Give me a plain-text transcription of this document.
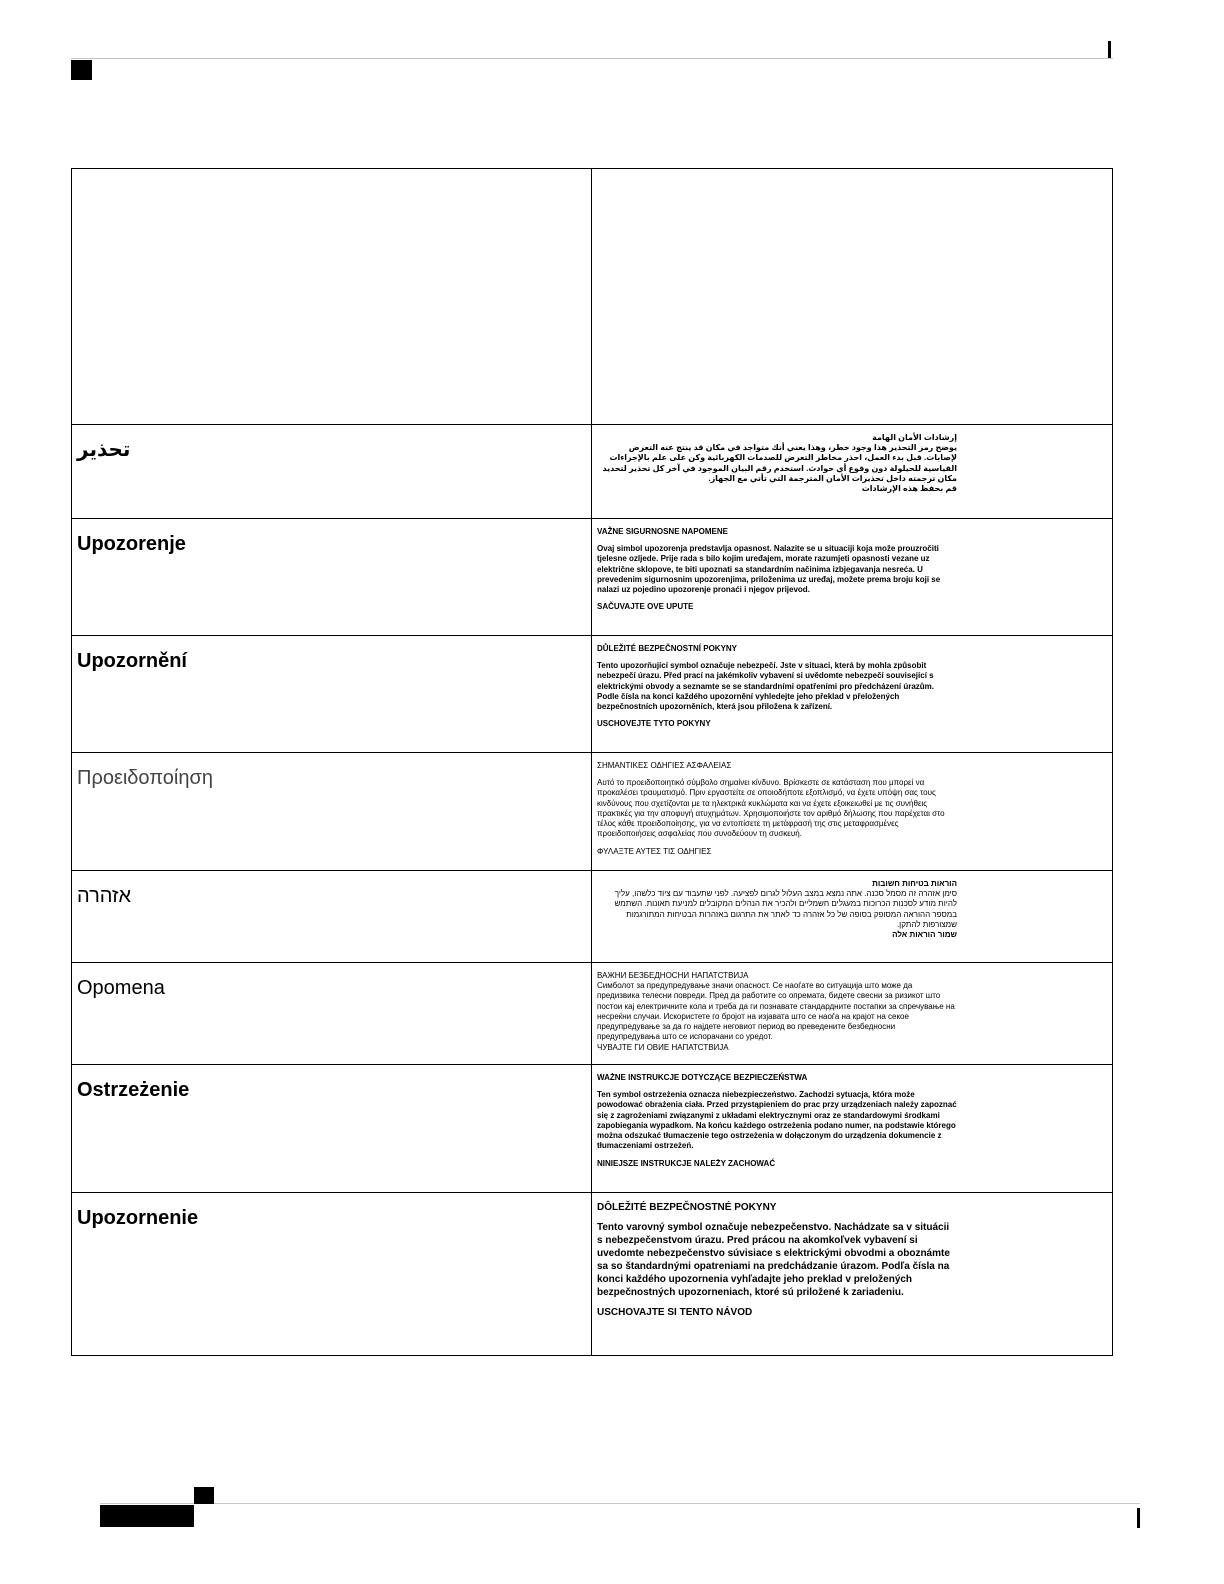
تحذير	إرشادات الأمان الهامة

يوضح رمز التحذير هذا وجود خطر، وهذا يعني أنك متواجد في مكان قد ينتج عنه التعرض لإصابات. قبل بدء العمل، احذر مخاطر التعرض للصدمات الكهربائية وكن على علم بالإجراءات القياسية للحيلولة دون وقوع أي حوادث. استخدم رقم البيان الموجود في آخر كل تحذير لتحديد مكان ترجمته داخل تحذيرات الأمان المترجمة التي تأتي مع الجهاز.

قم بحفظ هذه الإرشادات

Upozorenje	VAŽNE SIGURNOSNE NAPOMENE

Ovaj simbol upozorenja predstavlja opasnost. Nalazite se u situaciji koja može prouzročiti tjelesne ozljede. Prije rada s bilo kojim uređajem, morate razumjeti opasnosti vezane uz električne sklopove, te biti upoznati sa standardnim načinima izbjegavanja nesreća. U prevedenim sigurnosnim upozorenjima, priloženima uz uređaj, možete prema broju koji se nalazi uz pojedino upozorenje pronaći i njegov prijevod.

SAČUVAJTE OVE UPUTE

Upozornění	DŮLEŽITÉ BEZPEČNOSTNÍ POKYNY

Tento upozorňující symbol označuje nebezpečí. Jste v situaci, která by mohla způsobit nebezpečí úrazu. Před prací na jakémkoliv vybavení si uvědomte nebezpečí související s elektrickými obvody a seznamte se se standardními opatřeními pro předcházení úrazům. Podle čísla na konci každého upozornění vyhledejte jeho překlad v přeložených bezpečnostních upozorněních, která jsou přiložena k zařízení.

USCHOVEJTE TYTO POKYNY

Προειδοποίηση	ΣΗΜΑΝΤΙΚΕΣ ΟΔΗΓΙΕΣ ΑΣΦΑΛΕΙΑΣ

Αυτό το προειδοποιητικό σύμβολο σημαίνει κίνδυνο. Βρίσκεστε σε κατάσταση που μπορεί να προκαλέσει τραυματισμό. Πριν εργαστείτε σε οποιοδήποτε εξοπλισμό, να έχετε υπόψη σας τους κινδύνους που σχετίζονται με τα ηλεκτρικά κυκλώματα και να έχετε εξοικειωθεί με τις συνήθεις πρακτικές για την αποφυγή ατυχημάτων. Χρησιμοποιήστε τον αριθμό δήλωσης που παρέχεται στο τέλος κάθε προειδοποίησης, για να εντοπίσετε τη μετάφρασή της στις μεταφρασμένες προειδοποιήσεις ασφαλείας που συνοδεύουν τη συσκευή.

ΦΥΛΑΞΤΕ ΑΥΤΕΣ ΤΙΣ ΟΔΗΓΙΕΣ

אזהרה	הוראות בטיחות חשובות

סימן אזהרה זה מסמל סכנה. אתה נמצא במצב העלול לגרום לפציעה. לפני שתעבוד עם ציוד כלשהו, עליך להיות מודע לסכנות הכרוכות במעגלים חשמליים ולהכיר את הנהלים המקובלים למניעת תאונות. השתמש במספר ההוראה המסופק בסופה של כל אזהרה כד לאתר את התרגום באזהרות הבטיחות המתורגמות שמצורפות להתקן.

שמור הוראות אלה

Opomena	ВАЖНИ БЕЗБЕДНОСНИ НАПАТСТВИЈА

Симболот за предупредување значи опасност. Се наоѓате во ситуација што може да предизвика телесни повреди. Пред да работите со опремата, бидете свесни за ризикот што постои кај електричните кола и треба да ги познавате стандардните постапки за спречување на несреќни случаи. Искористете го бројот на изјавата што се наоѓа на крајот на секое предупредување за да го најдете неговиот период во преведените безбедносни предупредувања што се испорачани со уредот.

ЧУВАЈТЕ ГИ ОВИЕ НАПАТСТВИЈА

Ostrzeżenie	WAŻNE INSTRUKCJE DOTYCZĄCE BEZPIECZEŃSTWA

Ten symbol ostrzeżenia oznacza niebezpieczeństwo. Zachodzi sytuacja, która może powodować obrażenia ciała. Przed przystąpieniem do prac przy urządzeniach należy zapoznać się z zagrożeniami związanymi z układami elektrycznymi oraz ze standardowymi środkami zapobiegania wypadkom. Na końcu każdego ostrzeżenia podano numer, na podstawie którego można odszukać tłumaczenie tego ostrzeżenia w dołączonym do urządzenia dokumencie z tłumaczeniami ostrzeżeń.

NINIEJSZE INSTRUKCJE NALEŻY ZACHOWAĆ

Upozornenie	DÔLEŽITÉ BEZPEČNOSTNÉ POKYNY

Tento varovný symbol označuje nebezpečenstvo. Nachádzate sa v situácii s nebezpečenstvom úrazu. Pred prácou na akomkoľvek vybavení si uvedomte nebezpečenstvo súvisiace s elektrickými obvodmi a oboznámte sa so štandardnými opatreniami na predchádzanie úrazom. Podľa čísla na konci každého upozornenia vyhľadajte jeho preklad v preložených bezpečnostných upozorneniach, ktoré sú priložené k zariadeniu.

USCHOVAJTE SI TENTO NÁVOD
